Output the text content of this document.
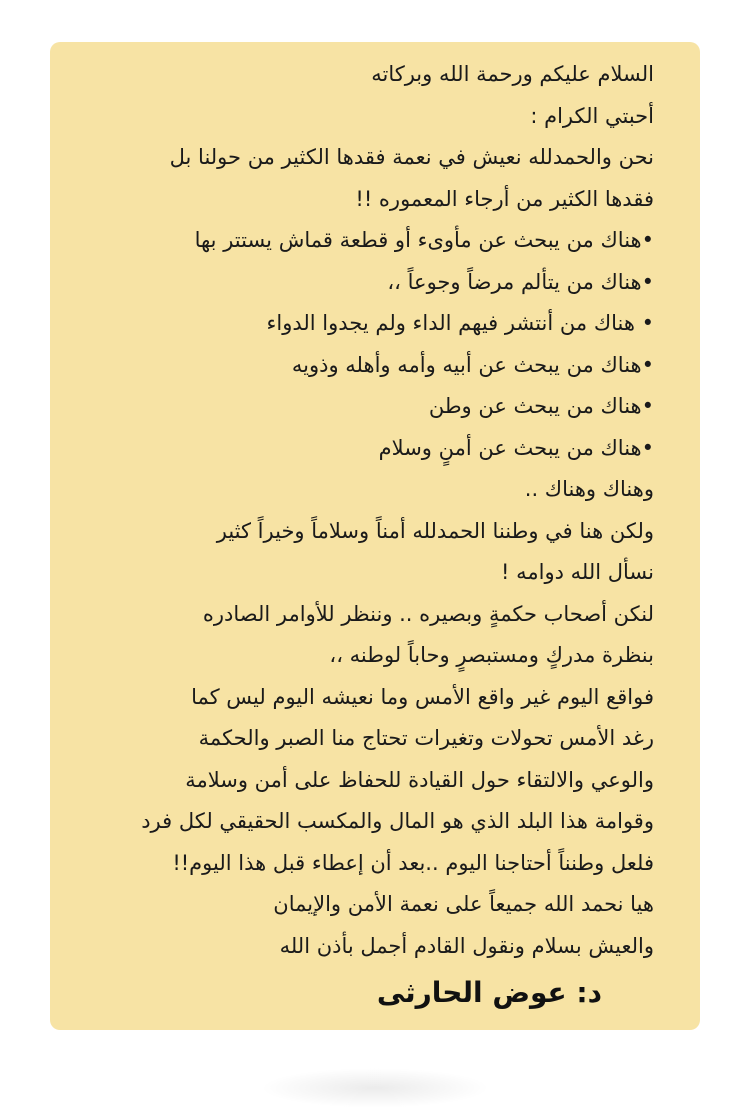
السلام عليكم ورحمة الله وبركاته
أحبتي الكرام :
نحن والحمدلله نعيش في نعمة فقدها الكثير من حولنا بل
فقدها الكثير من أرجاء المعموره !!
•هناك من يبحث عن مأوىء أو قطعة قماش يستتر بها
•هناك من يتألم مرضاً وجوعاً ،،
• هناك من أنتشر فيهم الداء ولم يجدوا الدواء
•هناك من يبحث عن أبيه وأمه وأهله وذويه
•هناك من يبحث عن وطن
•هناك من يبحث عن أمنٍ وسلام
وهناك وهناك ..
ولكن هنا في وطننا الحمدلله أمناً وسلاماً وخيراً كثير
نسأل الله دوامه !
لنكن أصحاب حكمةٍ وبصيره .. وننظر للأوامر الصادره
بنظرة مدركٍ ومستبصرٍ وحاباً لوطنه ،،
فواقع اليوم غير واقع الأمس وما نعيشه اليوم ليس كما
رغد الأمس تحولات وتغيرات تحتاج منا الصبر والحكمة
والوعي والالتقاء حول القيادة للحفاظ على أمن وسلامة
وقوامة هذا البلد الذي هو المال والمكسب الحقيقي لكل فرد
فلعل وطنناً أحتاجنا اليوم ..بعد أن إعطاء قبل هذا اليوم!!
هيا نحمد الله جميعاً على نعمة الأمن والإيمان
والعيش بسلام ونقول القادم أجمل بأذن الله
د: عوض الحارثى
